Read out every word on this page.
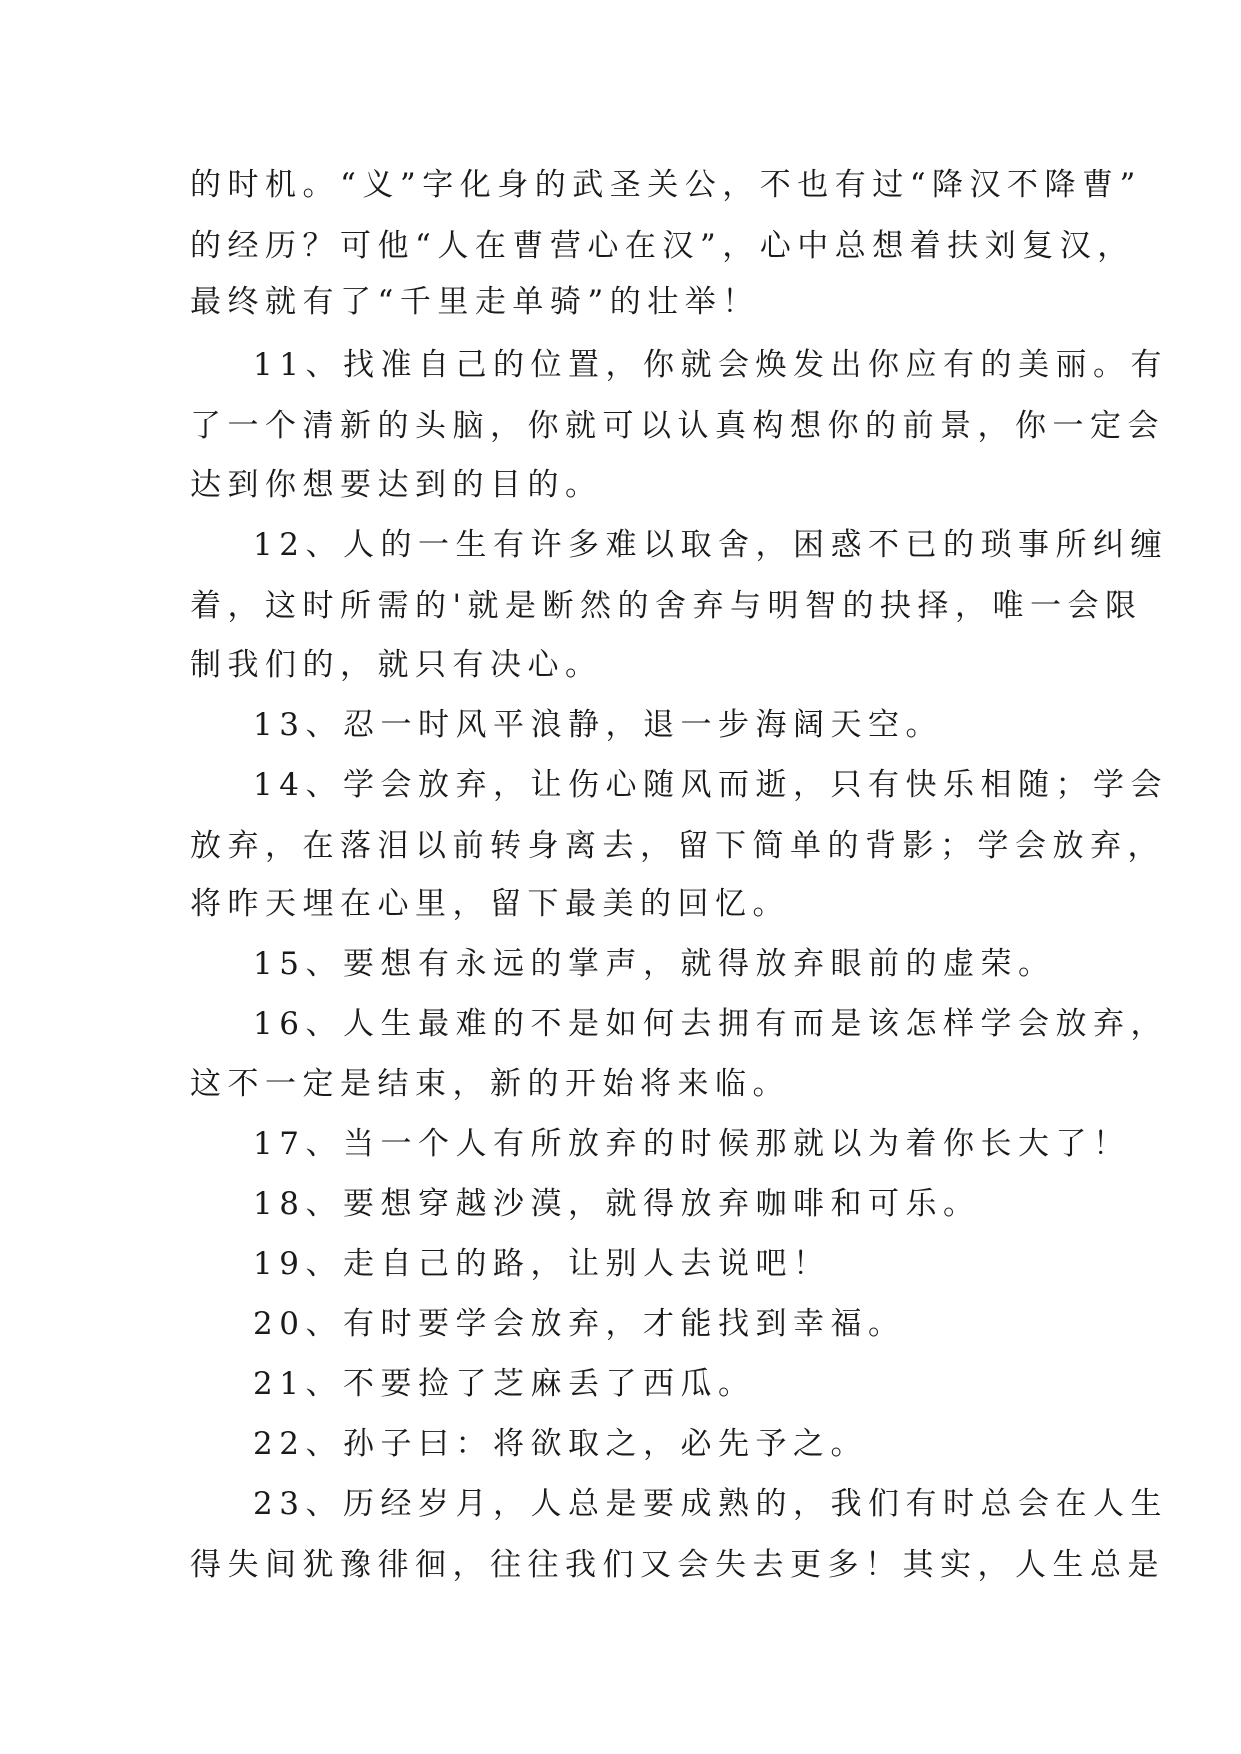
的时机。“义”字化身的武圣关公，不也有过“降汉不降曹”
的经历？可他“人在曹营心在汉”，心中总想着扶刘复汉，
最终就有了“千里走单骑”的壮举！
11、找准自己的位置，你就会焕发出你应有的美丽。有
了一个清新的头脑，你就可以认真构想你的前景，你一定会
达到你想要达到的目的。
12、人的一生有许多难以取舍，困惑不已的琐事所纠缠
着，这时所需的'就是断然的舍弃与明智的抉择，唯一会限
制我们的，就只有决心。
13、忍一时风平浪静，退一步海阔天空。
14、学会放弃，让伤心随风而逝，只有快乐相随；学会
放弃，在落泪以前转身离去，留下简单的背影；学会放弃，
将昨天埋在心里，留下最美的回忆。
15、要想有永远的掌声，就得放弃眼前的虚荣。
16、人生最难的不是如何去拥有而是该怎样学会放弃，
这不一定是结束，新的开始将来临。
17、当一个人有所放弃的时候那就以为着你长大了！
18、要想穿越沙漠，就得放弃咖啡和可乐。
19、走自己的路，让别人去说吧！
20、有时要学会放弃，才能找到幸福。
21、不要捡了芝麻丢了西瓜。
22、孙子曰：将欲取之，必先予之。
23、历经岁月，人总是要成熟的，我们有时总会在人生
得失间犹豫徘徊，往往我们又会失去更多！其实，人生总是
